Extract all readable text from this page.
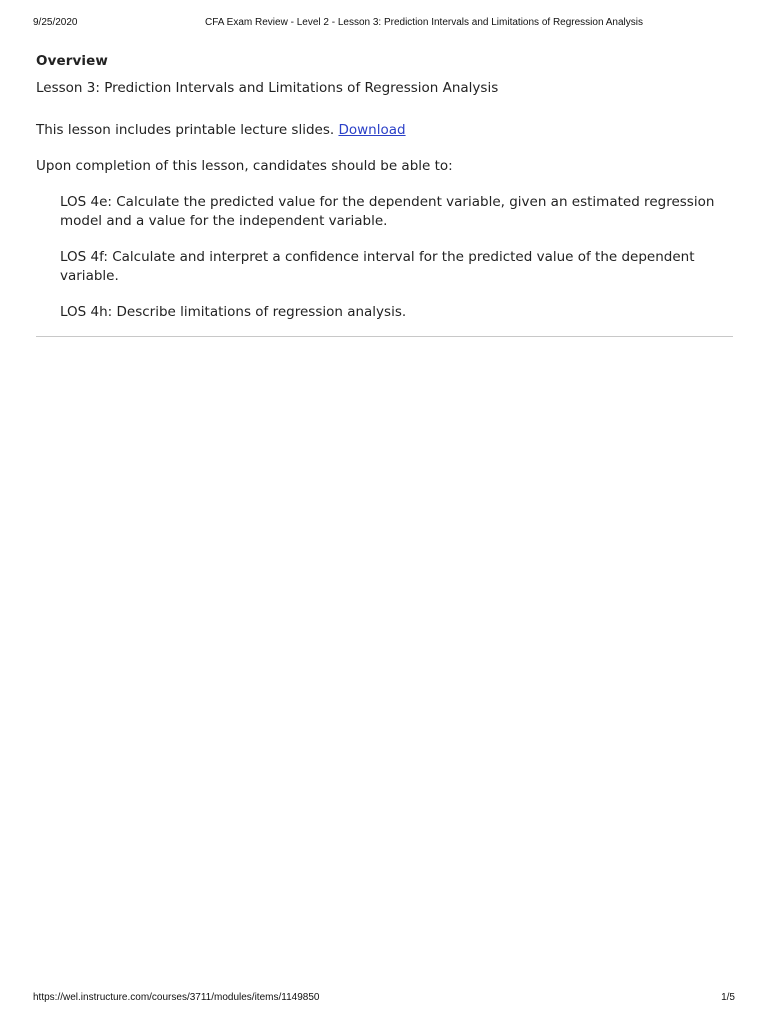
9/25/2020	CFA Exam Review - Level 2 - Lesson 3: Prediction Intervals and Limitations of Regression Analysis
Overview

Lesson 3: Prediction Intervals and Limitations of Regression Analysis

This lesson includes printable lecture slides. Download

Upon completion of this lesson, candidates should be able to:

LOS 4e: Calculate the predicted value for the dependent variable, given an estimated regression model and a value for the independent variable.
LOS 4f: Calculate and interpret a confidence interval for the predicted value of the dependent variable.
LOS 4h: Describe limitations of regression analysis.
https://wel.instructure.com/courses/3711/modules/items/1149850	1/5
